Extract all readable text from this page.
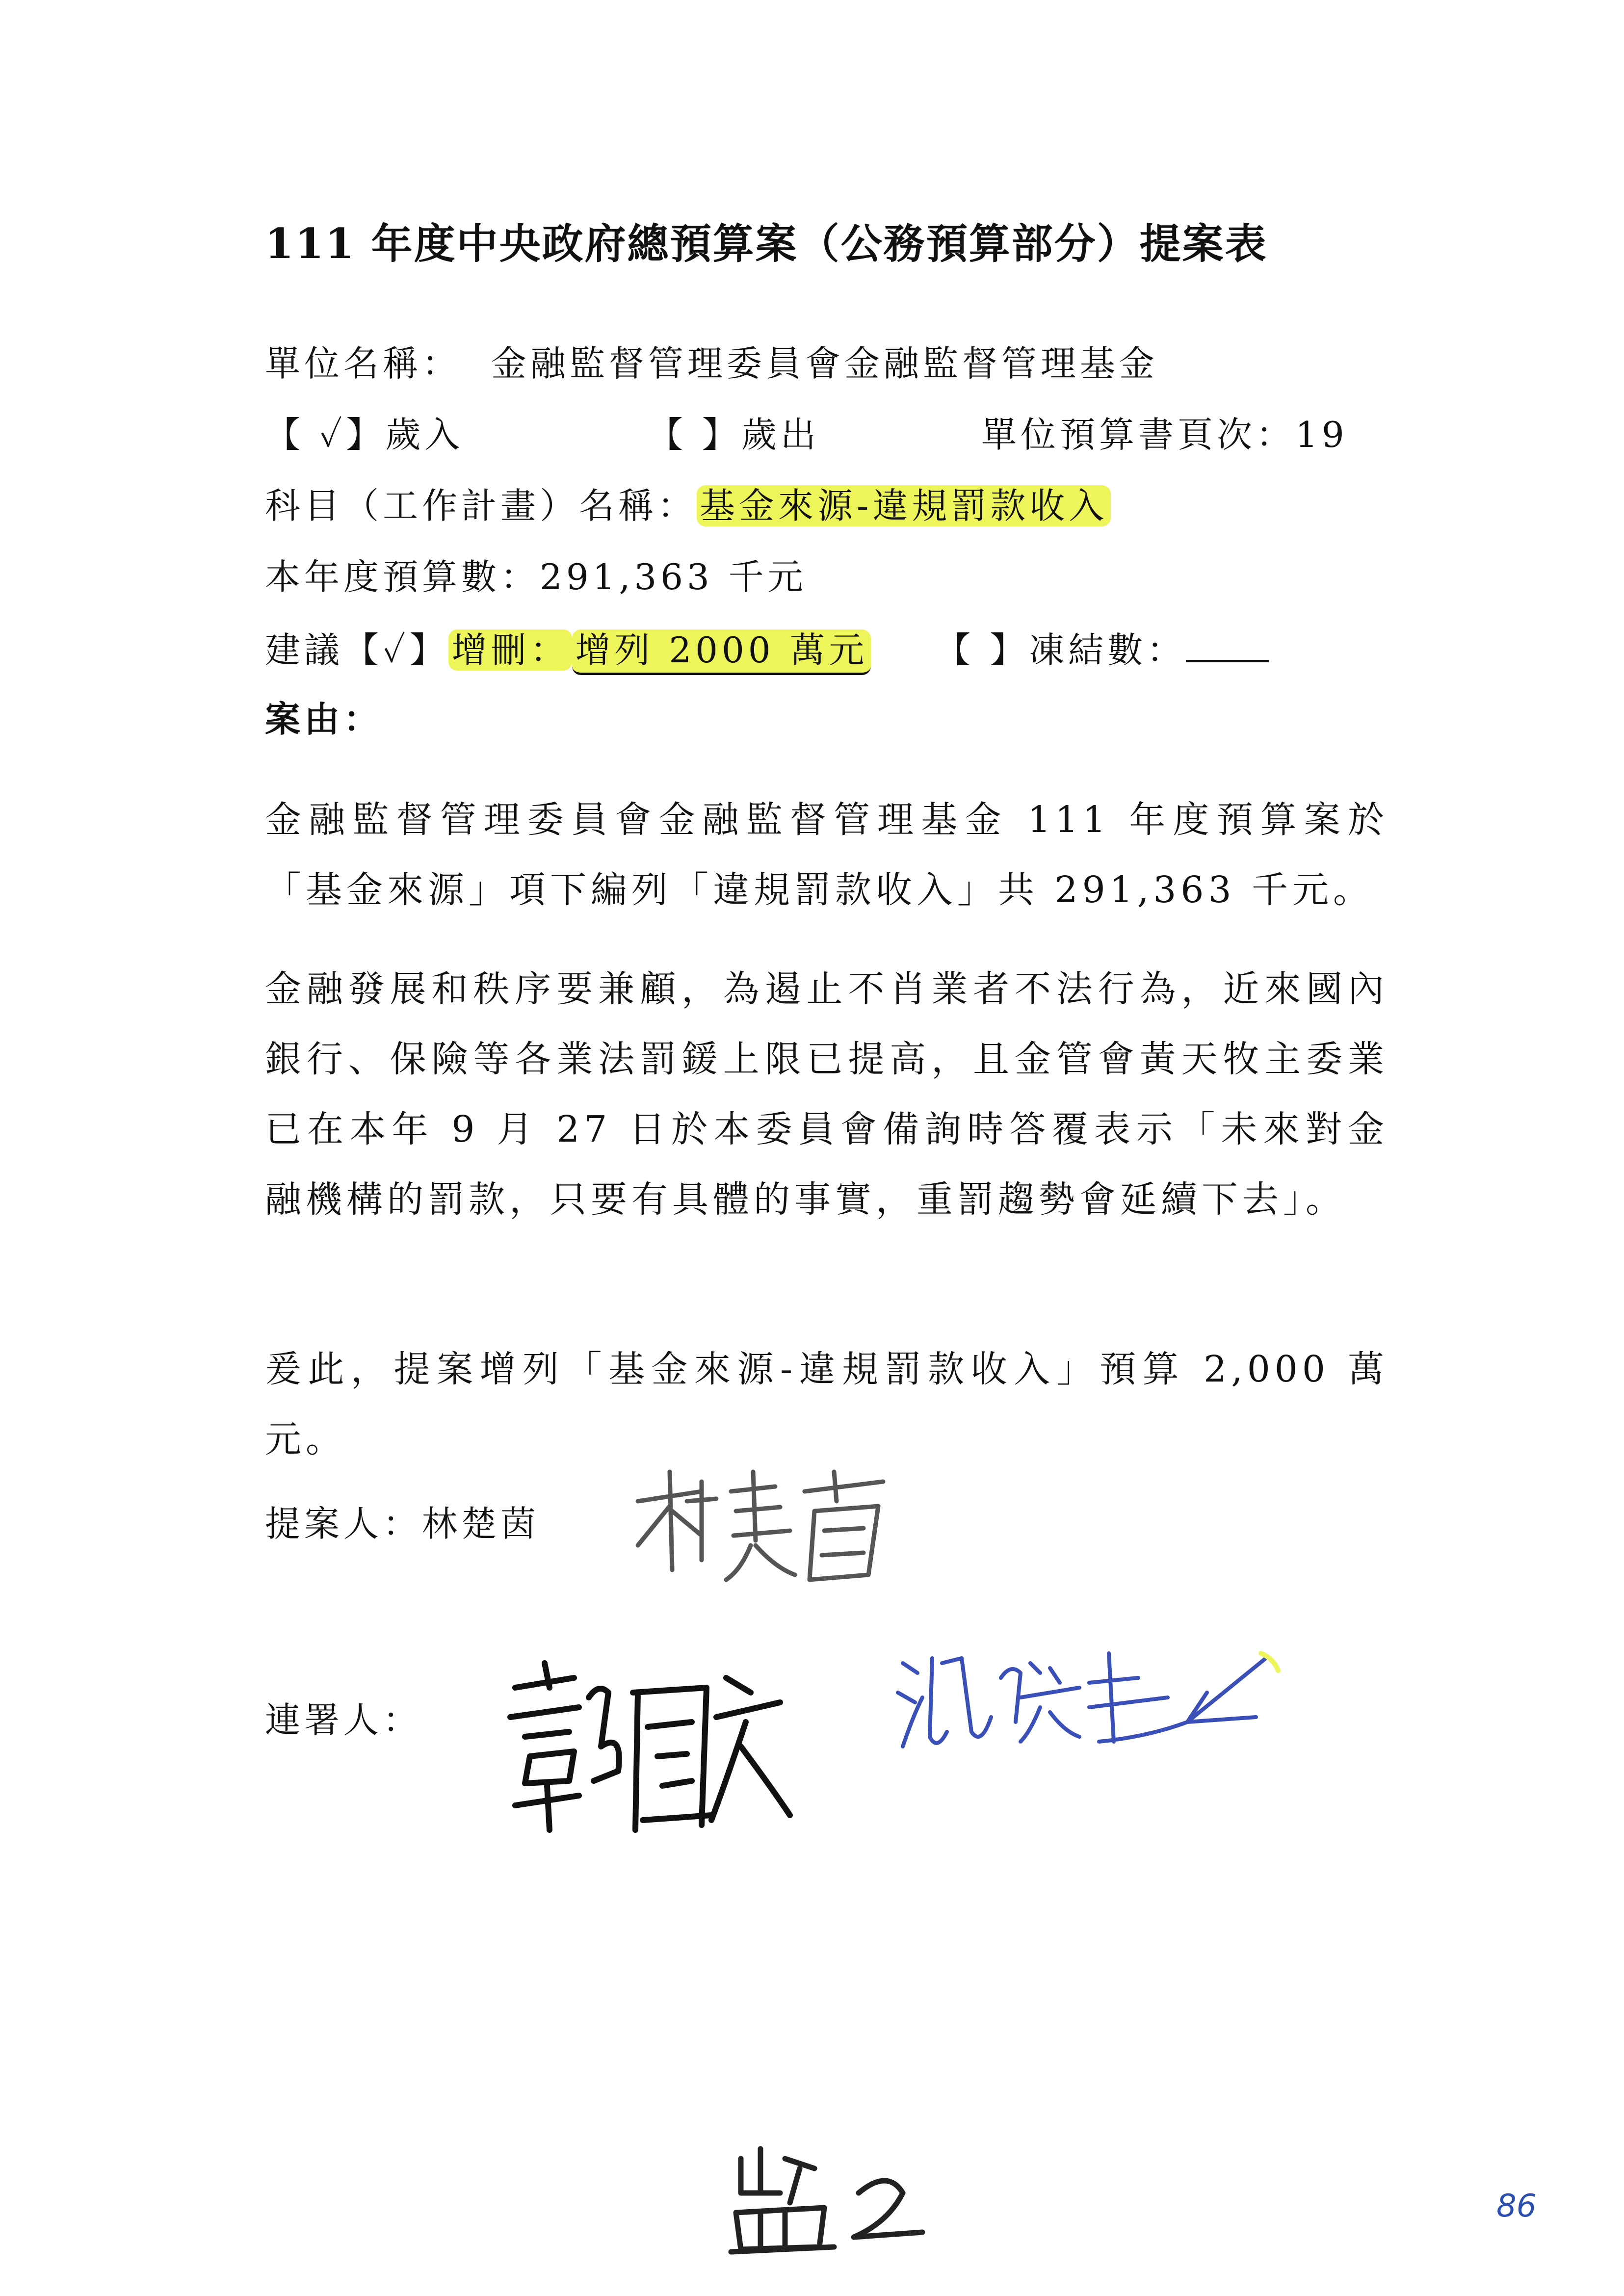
111 年度中央政府總預算案（公務預算部分）提案表
單位名稱： 金融監督管理委員會金融監督管理基金
【 ✓】歲入	【 】歲出	單位預算書頁次：19
科目（工作計畫）名稱：基金來源-違規罰款收入
本年度預算數：291,363 千元
建議【✓】增刪： 增列 2000 萬元 【 】凍結數：
案由：
金融監督管理委員會金融監督管理基金 111 年度預算案於「基金來源」項下編列「違規罰款收入」共 291,363 千元。
金融發展和秩序要兼顧，為遏止不肖業者不法行為，近來國內銀行、保險等各業法罰鍰上限已提高，且金管會黃天牧主委業已在本年 9 月 27 日於本委員會備詢時答覆表示「未來對金融機構的罰款，只要有具體的事實，重罰趨勢會延續下去」。
爰此，提案增列「基金來源-違規罰款收入」預算 2,000 萬元。
提案人：林楚茵
連署人：
86
